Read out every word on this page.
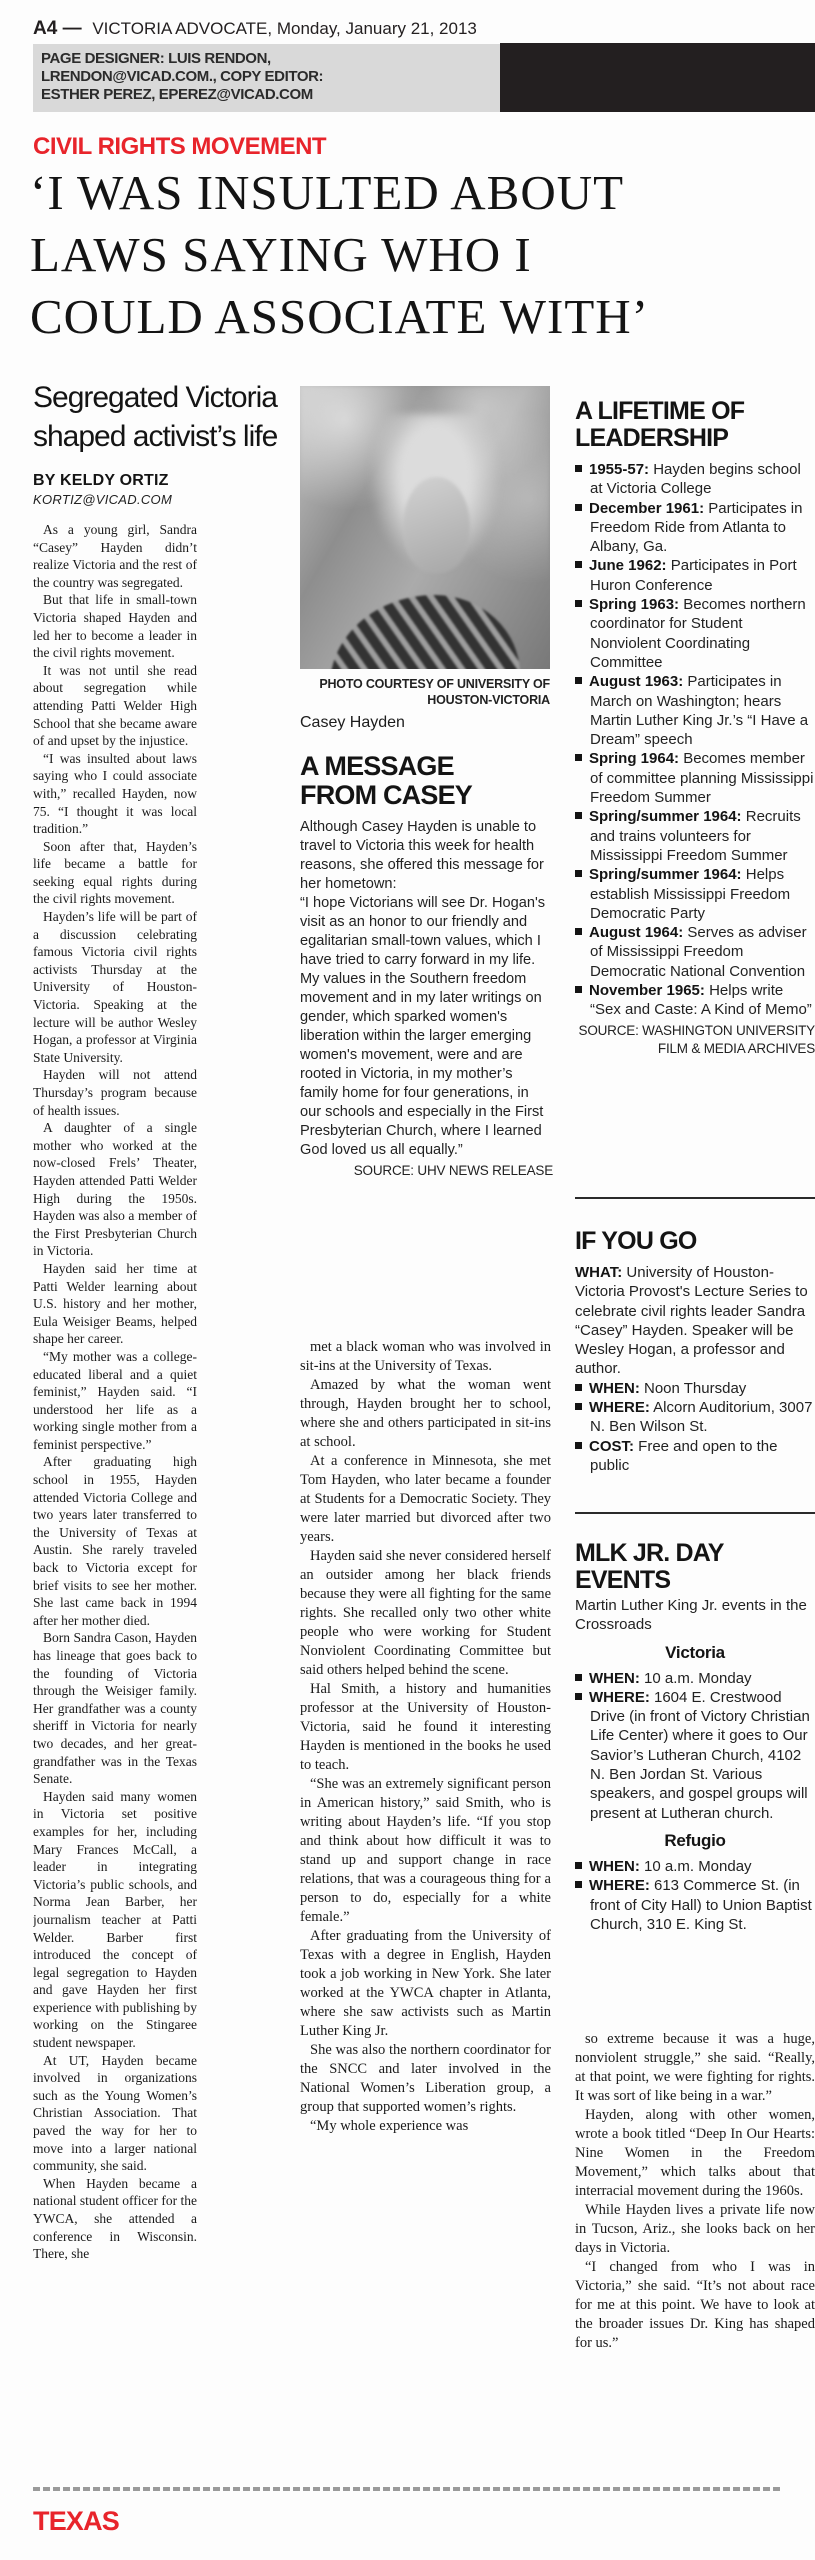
A4 — VICTORIA ADVOCATE, Monday, January 21, 2013
PAGE DESIGNER: LUIS RENDON, LRENDON@VICAD.COM., COPY EDITOR: ESTHER PEREZ, EPEREZ@VICAD.COM
CIVIL RIGHTS MOVEMENT
‘I WAS INSULTED ABOUT
LAWS SAYING WHO I
COULD ASSOCIATE WITH’
Segregated Victoria shaped activist’s life
BY KELDY ORTIZ
KORTIZ@VICAD.COM

As a young girl, Sandra “Casey” Hayden didn’t realize Victoria and the rest of the country was segregated.

But that life in small-town Victoria shaped Hayden and led her to become a leader in the civil rights movement.

It was not until she read about segregation while attending Patti Welder High School that she became aware of and upset by the injustice.

“I was insulted about laws saying who I could associate with,” recalled Hayden, now 75. “I thought it was local tradition.”

Soon after that, Hayden’s life became a battle for seeking equal rights during the civil rights movement.

Hayden’s life will be part of a discussion celebrating famous Victoria civil rights activists Thursday at the University of Houston-Victoria. Speaking at the lecture will be author Wesley Hogan, a professor at Virginia State University.

Hayden will not attend Thursday’s program because of health issues.

A daughter of a single mother who worked at the now-closed Frels’ Theater, Hayden attended Patti Welder High during the 1950s. Hayden was also a member of the First Presbyterian Church in Victoria.

Hayden said her time at Patti Welder learning about U.S. history and her mother, Eula Weisiger Beams, helped shape her career.

“My mother was a college-educated liberal and a quiet feminist,” Hayden said. “I understood her life as a working single mother from a feminist perspective.”

After graduating high school in 1955, Hayden attended Victoria College and two years later transferred to the University of Texas at Austin. She rarely traveled back to Victoria except for brief visits to see her mother. She last came back in 1994 after her mother died.

Born Sandra Cason, Hayden has lineage that goes back to the founding of Victoria through the Weisiger family. Her grandfather was a county sheriff in Victoria for nearly two decades, and her great-grandfather was in the Texas Senate.

Hayden said many women in Victoria set positive examples for her, including Mary Frances McCall, a leader in integrating Victoria’s public schools, and Norma Jean Barber, her journalism teacher at Patti Welder. Barber first introduced the concept of legal segregation to Hayden and gave Hayden her first experience with publishing by working on the Stingaree student newspaper.

At UT, Hayden became involved in organizations such as the Young Women’s Christian Association. That paved the way for her to move into a larger national community, she said.

When Hayden became a national student officer for the YWCA, she attended a conference in Wisconsin. There, she

PHOTO COURTESY OF UNIVERSITY OF HOUSTON-VICTORIA
Casey Hayden
A MESSAGE FROM CASEY

Although Casey Hayden is unable to travel to Victoria this week for health reasons, she offered this message for her hometown:

“I hope Victorians will see Dr. Hogan's visit as an honor to our friendly and egalitarian small-town values, which I have tried to carry forward in my life. My values in the Southern freedom movement and in my later writings on gender, which sparked women's liberation within the larger emerging women's movement, were and are rooted in Victoria, in my mother’s family home for four generations, in our schools and especially in the First Presbyterian Church, where I learned God loved us all equally.”

SOURCE: UHV NEWS RELEASE

met a black woman who was involved in sit-ins at the University of Texas.

Amazed by what the woman went through, Hayden brought her to school, where she and others participated in sit-ins at school.

At a conference in Minnesota, she met Tom Hayden, who later became a founder at Students for a Democratic Society. They were later married but divorced after two years.

Hayden said she never considered herself an outsider among her black friends because they were all fighting for the same rights. She recalled only two other white people who were working for Student Nonviolent Coordinating Committee but said others helped behind the scene.

Hal Smith, a history and humanities professor at the University of Houston-Victoria, said he found it interesting Hayden is mentioned in the books he used to teach.

“She was an extremely significant person in American history,” said Smith, who is writing about Hayden’s life. “If you stop and think about how difficult it was to stand up and support change in race relations, that was a courageous thing for a person to do, especially for a white female.”

After graduating from the University of Texas with a degree in English, Hayden took a job working in New York. She later worked at the YWCA chapter in Atlanta, where she saw activists such as Martin Luther King Jr.

She was also the northern coordinator for the SNCC and later involved in the National Women’s Liberation group, a group that supported women’s rights.

“My whole experience was

A LIFETIME OF LEADERSHIP
1955-57: Hayden begins school at Victoria College
December 1961: Participates in Freedom Ride from Atlanta to Albany, Ga.
June 1962: Participates in Port Huron Conference
Spring 1963: Becomes northern coordinator for Student Nonviolent Coordinating Committee
August 1963: Participates in March on Washington; hears Martin Luther King Jr.’s “I Have a Dream” speech
Spring 1964: Becomes member of committee planning Mississippi Freedom Summer
Spring/summer 1964: Recruits and trains volunteers for Mississippi Freedom Summer
Spring/summer 1964: Helps establish Mississippi Freedom Democratic Party
August 1964: Serves as adviser of Mississippi Freedom Democratic National Convention
November 1965: Helps write “Sex and Caste: A Kind of Memo”
SOURCE: WASHINGTON UNIVERSITY FILM & MEDIA ARCHIVES
IF YOU GO
WHAT: University of Houston-Victoria Provost's Lecture Series to celebrate civil rights leader Sandra “Casey” Hayden. Speaker will be Wesley Hogan, a professor and author.
WHEN: Noon Thursday
WHERE: Alcorn Auditorium, 3007 N. Ben Wilson St.
COST: Free and open to the public
MLK JR. DAY EVENTS

Martin Luther King Jr. events in the Crossroads

Victoria
WHEN: 10 a.m. Monday
WHERE: 1604 E. Crestwood Drive (in front of Victory Christian Life Center) where it goes to Our Savior’s Lutheran Church, 4102 N. Ben Jordan St. Various speakers, and gospel groups will present at Lutheran church.
Refugio
WHEN: 10 a.m. Monday
WHERE: 613 Commerce St. (in front of City Hall) to Union Baptist Church, 310 E. King St.

so extreme because it was a huge, nonviolent struggle,” she said. “Really, at that point, we were fighting for rights. It was sort of like being in a war.”

Hayden, along with other women, wrote a book titled “Deep In Our Hearts: Nine Women in the Freedom Movement,” which talks about that interracial movement during the 1960s.

While Hayden lives a private life now in Tucson, Ariz., she looks back on her days in Victoria.

“I changed from who I was in Victoria,” she said. “It’s not about race for me at this point. We have to look at the broader issues Dr. King has shaped for us.”

TEXAS
